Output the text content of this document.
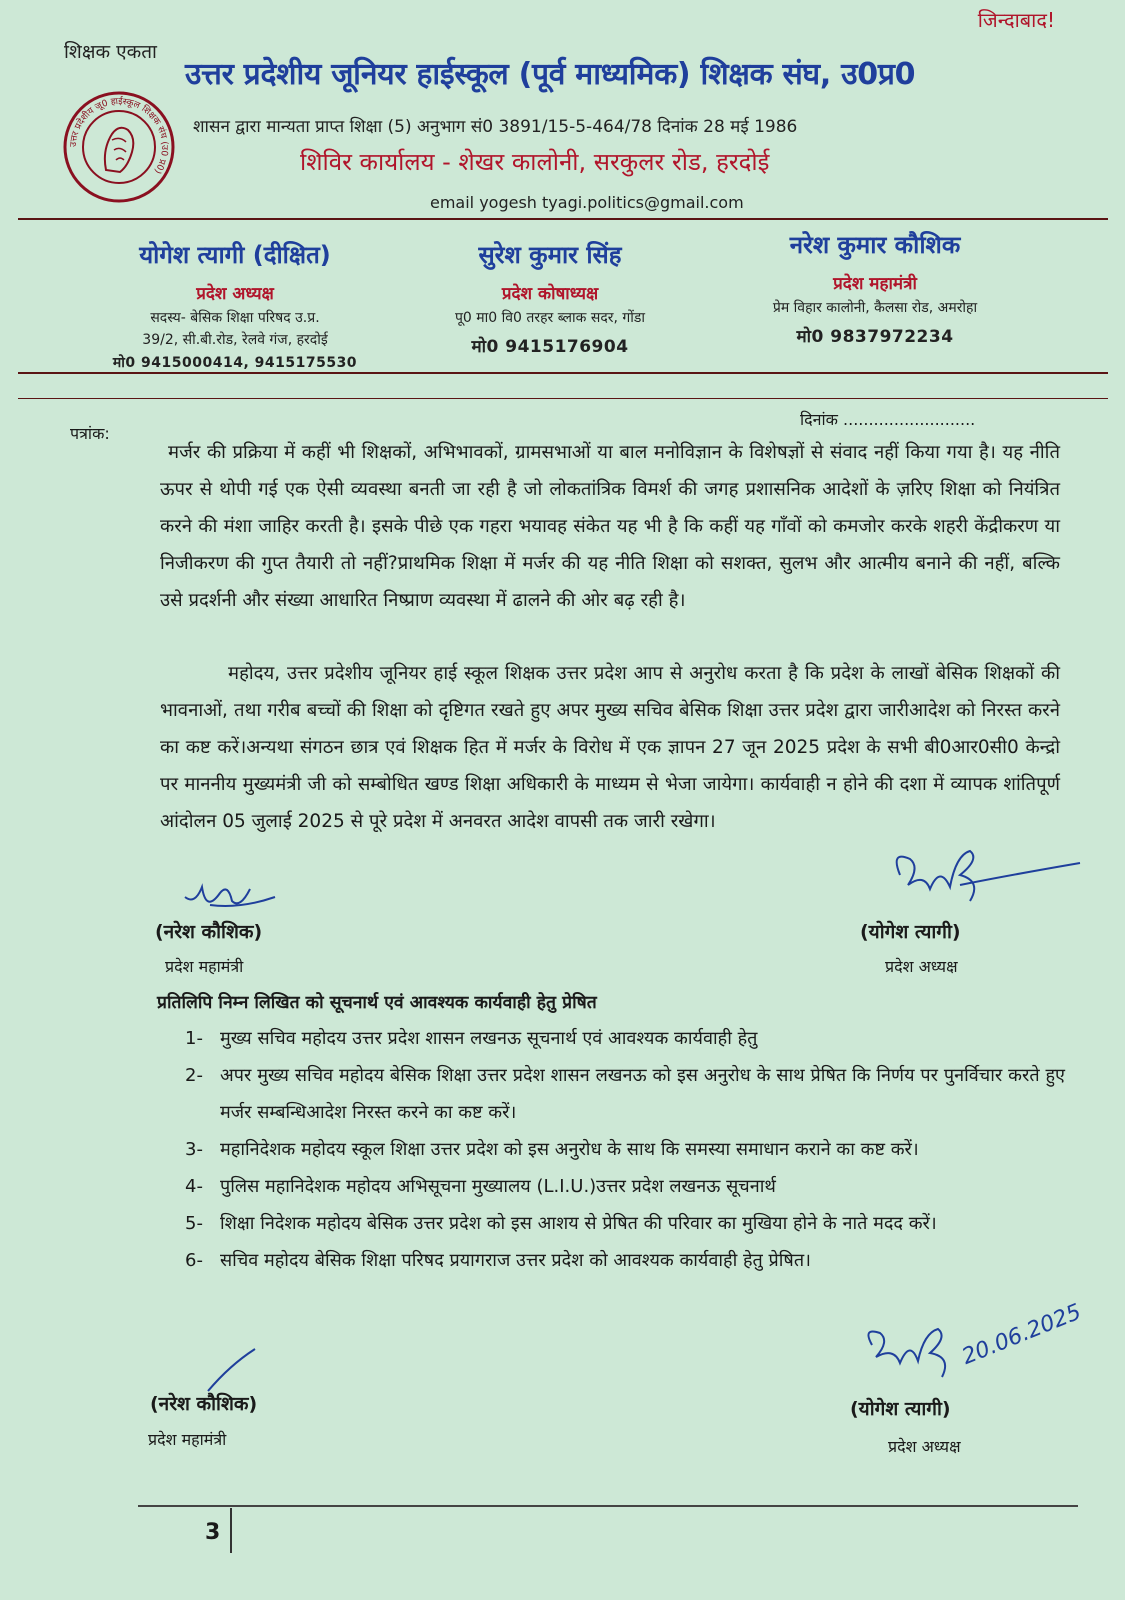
जिन्दाबाद!
शिक्षक एकता
उत्तर प्रदेशीय जू0 हाईस्कूल शिक्षक संघ (उ0 प्र0)
उत्तर प्रदेशीय जूनियर हाईस्कूल (पूर्व माध्यमिक) शिक्षक संघ, उ0प्र0
शासन द्वारा मान्यता प्राप्त शिक्षा (5) अनुभाग सं0 3891/15-5-464/78 दिनांक 28 मई 1986
शिविर कार्यालय - शेखर कालोनी, सरकुलर रोड, हरदोई
email yogesh tyagi.politics@gmail.com
योगेश त्यागी (दीक्षित)
प्रदेश अध्यक्ष
सदस्य- बेसिक शिक्षा परिषद उ.प्र.
39/2, सी.बी.रोड, रेलवे गंज, हरदोई
मो0 9415000414, 9415175530
सुरेश कुमार सिंह
प्रदेश कोषाध्यक्ष
पू0 मा0 वि0 तरहर ब्लाक सदर, गोंडा
मो0 9415176904
नरेश कुमार कौशिक
प्रदेश महामंत्री
प्रेम विहार कालोनी, कैलसा रोड, अमरोहा
मो0 9837972234
पत्रांक:
दिनांक ..........................
मर्जर की प्रक्रिया में कहीं भी शिक्षकों, अभिभावकों, ग्रामसभाओं या बाल मनोविज्ञान के विशेषज्ञों से संवाद नहीं किया गया है। यह नीति ऊपर से थोपी गई एक ऐसी व्यवस्था बनती जा रही है जो लोकतांत्रिक विमर्श की जगह प्रशासनिक आदेशों के ज़रिए शिक्षा को नियंत्रित करने की मंशा जाहिर करती है। इसके पीछे एक गहरा भयावह संकेत यह भी है कि कहीं यह गाँवों को कमजोर करके शहरी केंद्रीकरण या निजीकरण की गुप्त तैयारी तो नहीं?प्राथमिक शिक्षा में मर्जर की यह नीति शिक्षा को सशक्त, सुलभ और आत्मीय बनाने की नहीं, बल्कि उसे प्रदर्शनी और संख्या आधारित निष्प्राण व्यवस्था में ढालने की ओर बढ़ रही है।
महोदय, उत्तर प्रदेशीय जूनियर हाई स्कूल शिक्षक उत्तर प्रदेश आप से अनुरोध करता है कि प्रदेश के लाखों बेसिक शिक्षकों की भावनाओं, तथा गरीब बच्चों की शिक्षा को दृष्टिगत रखते हुए अपर मुख्य सचिव बेसिक शिक्षा उत्तर प्रदेश द्वारा जारीआदेश को निरस्त करने का कष्ट करें।अन्यथा संगठन छात्र एवं शिक्षक हित में मर्जर के विरोध में एक ज्ञापन 27 जून 2025 प्रदेश के सभी बी0आर0सी0 केन्द्रो पर माननीय मुख्यमंत्री जी को सम्बोधित खण्ड शिक्षा अधिकारी के माध्यम से भेजा जायेगा। कार्यवाही न होने की दशा में व्यापक शांतिपूर्ण आंदोलन 05 जुलाई 2025 से पूरे प्रदेश में अनवरत आदेश वापसी तक जारी रखेगा।
(नरेश कौशिक)
प्रदेश महामंत्री
(योगेश त्यागी)
प्रदेश अध्यक्ष
प्रतिलिपि निम्न लिखित को सूचनार्थ एवं आवश्यक कार्यवाही हेतु प्रेषित
1- मुख्य सचिव महोदय उत्तर प्रदेश शासन लखनऊ सूचनार्थ एवं आवश्यक कार्यवाही हेतु
2- अपर मुख्य सचिव महोदय बेसिक शिक्षा उत्तर प्रदेश शासन लखनऊ को इस अनुरोध के साथ प्रेषित कि निर्णय पर पुनर्विचार करते हुए मर्जर सम्बन्धिआदेश निरस्त करने का कष्ट करें।
3- महानिदेशक महोदय स्कूल शिक्षा उत्तर प्रदेश को इस अनुरोध के साथ कि समस्या समाधान कराने का कष्ट करें।
4- पुलिस महानिदेशक महोदय अभिसूचना मुख्यालय (L.I.U.)उत्तर प्रदेश लखनऊ सूचनार्थ
5- शिक्षा निदेशक महोदय बेसिक उत्तर प्रदेश को इस आशय से प्रेषित की परिवार का मुखिया होने के नाते मदद करें।
6- सचिव महोदय बेसिक शिक्षा परिषद प्रयागराज उत्तर प्रदेश को आवश्यक कार्यवाही हेतु प्रेषित।
(नरेश कौशिक)
प्रदेश महामंत्री
20.06.2025
(योगेश त्यागी)
प्रदेश अध्यक्ष
3
